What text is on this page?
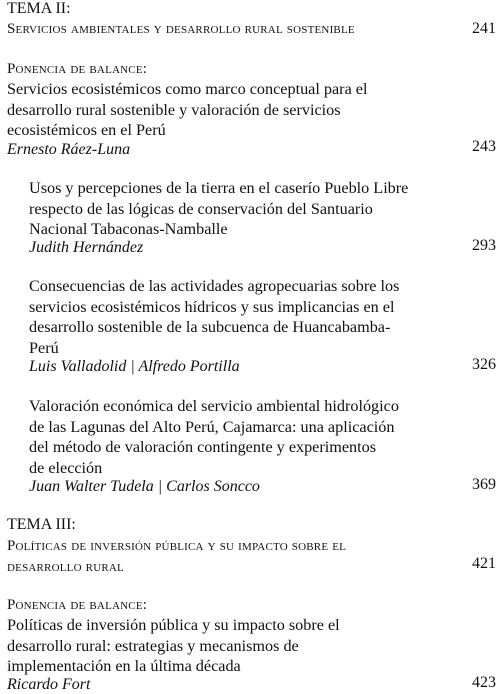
TEMA II:
Servicios ambientales y desarrollo rural sostenible	241
Ponencia de balance:
Servicios ecosistémicos como marco conceptual para el
desarrollo rural sostenible y valoración de servicios
ecosistémicos en el Perú
Ernesto Ráez-Luna	243
Usos y percepciones de la tierra en el caserío Pueblo Libre
respecto de las lógicas de conservación del Santuario
Nacional Tabaconas-Namballe
Judith Hernández	293
Consecuencias de las actividades agropecuarias sobre los
servicios ecosistémicos hídricos y sus implicancias en el
desarrollo sostenible de la subcuenca de Huancabamba-
Perú
Luis Valladolid | Alfredo Portilla	326
Valoración económica del servicio ambiental hidrológico
de las Lagunas del Alto Perú, Cajamarca: una aplicación
del método de valoración contingente y experimentos
de elección
Juan Walter Tudela | Carlos Soncco	369
TEMA III:
Políticas de inversión pública y su impacto sobre el
desarrollo rural	421
Ponencia de balance:
Políticas de inversión pública y su impacto sobre el
desarrollo rural: estrategias y mecanismos de
implementación en la última década
Ricardo Fort	423
